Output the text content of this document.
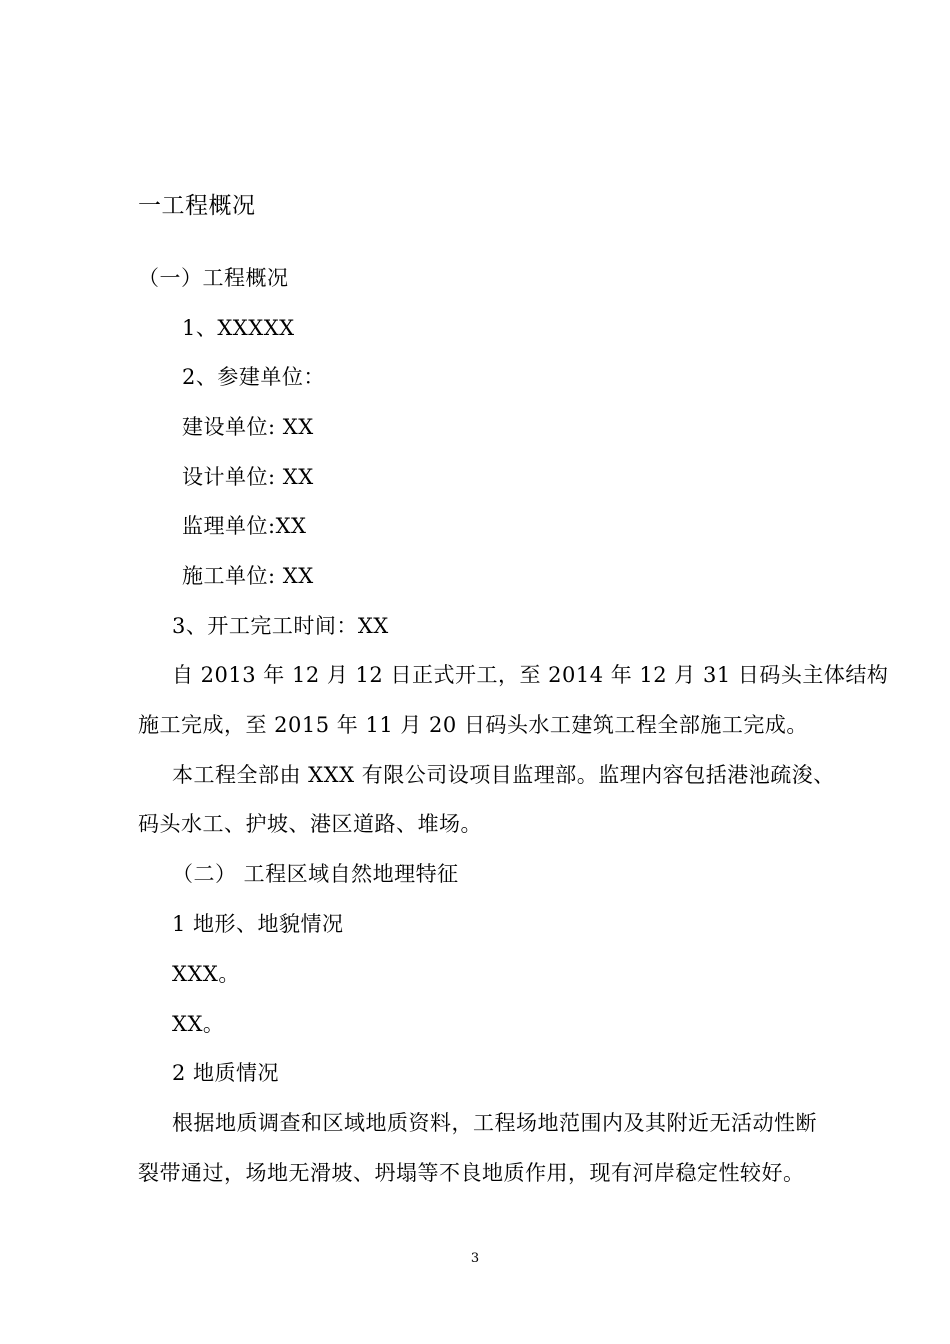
一工程概况
（一）工程概况
1、XXXXX
2、参建单位：
建设单位: XX
设计单位: XX
监理单位:XX
施工单位: XX
3、开工完工时间：XX
自 2013 年 12 月 12 日正式开工，至 2014 年 12 月 31 日码头主体结构
施工完成，至 2015 年 11 月 20 日码头水工建筑工程全部施工完成。
本工程全部由 XXX 有限公司设项目监理部。监理内容包括港池疏浚、
码头水工、护坡、港区道路、堆场。
（二） 工程区域自然地理特征
1 地形、地貌情况
XXX。
XX。
2 地质情况
根据地质调查和区域地质资料，工程场地范围内及其附近无活动性断
裂带通过，场地无滑坡、坍塌等不良地质作用，现有河岸稳定性较好。
3
